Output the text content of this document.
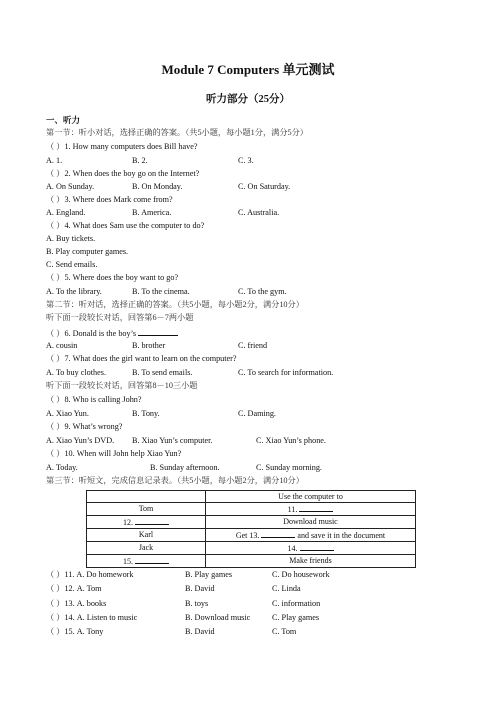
Module 7 Computers 单元测试
听力部分（25分）
一、听力
第一节：听小对话，选择正确的答案。（共5小题，每小题1分，满分5分）
（ ）1. How many computers does Bill have?
A. 1.	B. 2.	C. 3.
（ ）2. When does the boy go on the Internet?
A. On Sunday.	B. On Monday.	C. On Saturday.
（ ）3. Where does Mark come from?
A. England.	B. America.	C. Australia.
（ ）4. What does Sam use the computer to do?
A. Buy tickets.
B. Play computer games.
C. Send emails.
（ ）5. Where does the boy want to go?
A. To the library.	B. To the cinema.	C. To the gym.
第二节：听对话，选择正确的答案。（共5小题，每小题2分，满分10分）
听下面一段较长对话，回答第6－7两小题
（ ）6. Donald is the boy’s
A. cousin	B. brother	C. friend
（ ）7. What does the girl want to learn on the computer?
A. To buy clothes.	B. To send emails.	C. To search for information.
听下面一段较长对话，回答第8－10三小题
（ ）8. Who is calling John?
A. Xiao Yun.	B. Tony.	C. Daming.
（ ）9. What’s wrong?
A. Xiao Yun’s DVD. B. Xiao Yun’s computer.	C. Xiao Yun’s phone.
（ ）10. When will John help Xiao Yun?
A. Today.	B. Sunday afternoon.	C. Sunday morning.
第三节：听短文，完成信息记录表。（共5小题，每小题2分，满分10分）
	Use the computer to
Tom	11.
12.	Download music
Karl	Get 13. and save it in the document
Jack	14.
15.	Make friends
（ ）11. A. Do homework	B. Play games	C. Do housework
（ ）12. A. Tom	B. David	C. Linda
（ ）13. A. books	B. toys	C. information
（ ）14. A. Listen to music	B. Download music	C. Play games
（ ）15. A. Tony	B. David	C. Tom
